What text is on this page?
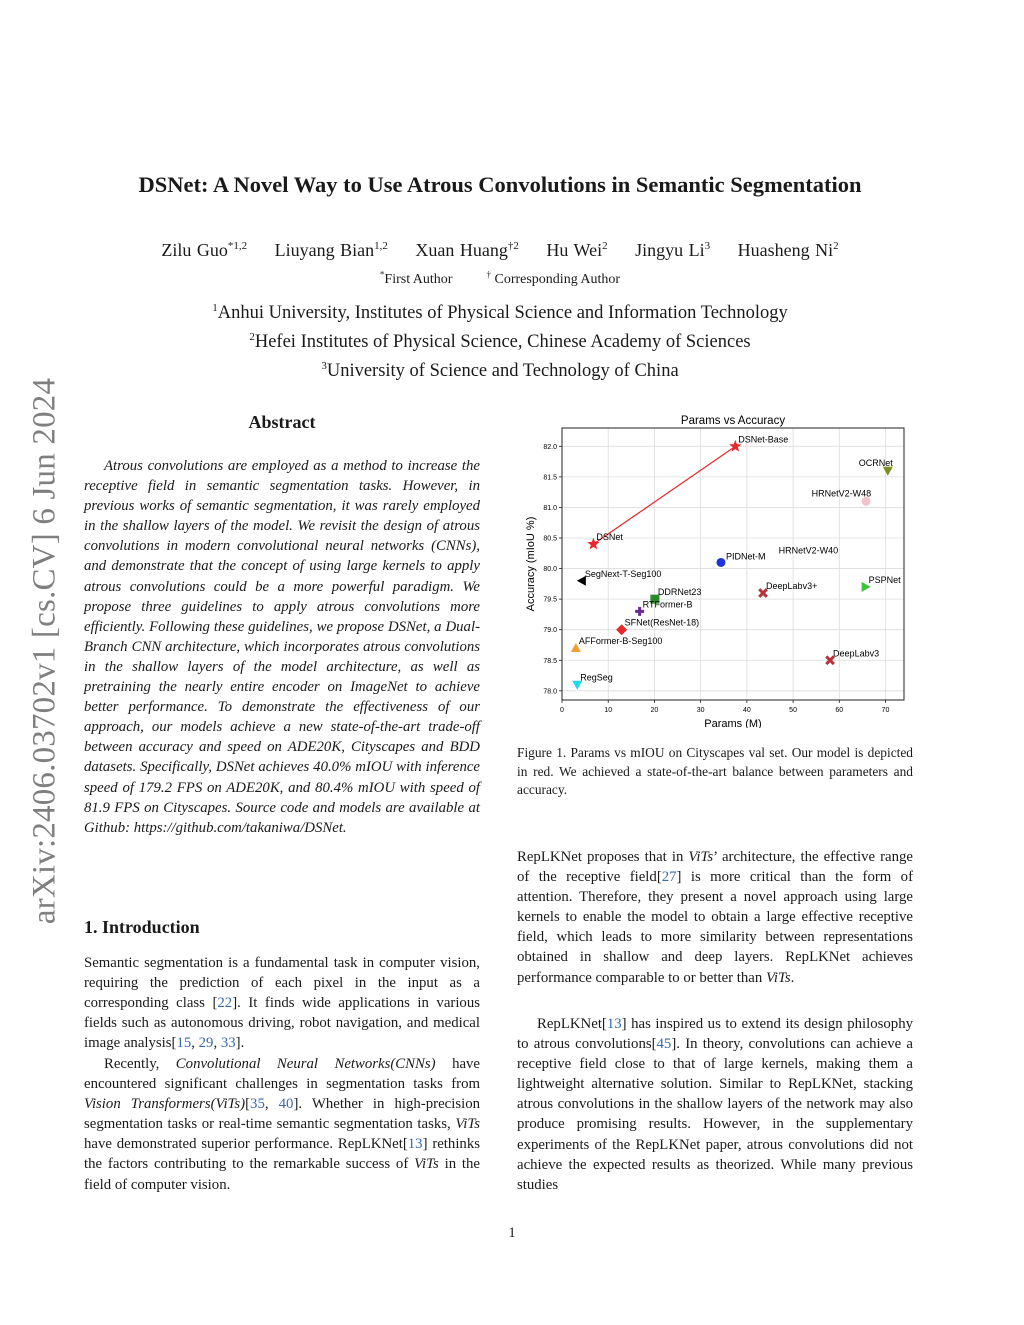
arXiv:2406.03702v1 [cs.CV] 6 Jun 2024
DSNet: A Novel Way to Use Atrous Convolutions in Semantic Segmentation
Zilu Guo$^{*1,2}$ Liuyang Bian$^{1,2}$ Xuan Huang$^{\dagger 2}$ Hu Wei$^2$ Jingyu Li$^3$ Huasheng Ni$^2$
*First Author	† Corresponding Author
$^1$Anhui University, Institutes of Physical Science and Information Technology
$^2$Hefei Institutes of Physical Science, Chinese Academy of Sciences
$^3$University of Science and Technology of China
Abstract
Atrous convolutions are employed as a method to increase the receptive field in semantic segmentation tasks. However, in previous works of semantic segmentation, it was rarely employed in the shallow layers of the model. We revisit the design of atrous convolutions in modern convolutional neural networks (CNNs), and demonstrate that the concept of using large kernels to apply atrous convolutions could be a more powerful paradigm. We propose three guidelines to apply atrous convolutions more efficiently. Following these guidelines, we propose DSNet, a Dual-Branch CNN architecture, which incorporates atrous convolutions in the shallow layers of the model architecture, as well as pretraining the nearly entire encoder on ImageNet to achieve better performance. To demonstrate the effectiveness of our approach, our models achieve a new state-of-the-art trade-off between accuracy and speed on ADE20K, Cityscapes and BDD datasets. Specifically, DSNet achieves 40.0% mIOU with inference speed of 179.2 FPS on ADE20K, and 80.4% mIOU with speed of 81.9 FPS on Cityscapes. Source code and models are available at Github: https://github.com/takaniwa/DSNet.
1. Introduction
Semantic segmentation is a fundamental task in computer vision, requiring the prediction of each pixel in the input as a corresponding class [22]. It finds wide applications in various fields such as autonomous driving, robot navigation, and medical image analysis[15, 29, 33].
Recently, Convolutional Neural Networks(CNNs) have encountered significant challenges in segmentation tasks from Vision Transformers(ViTs)[35, 40]. Whether in high-precision segmentation tasks or real-time semantic segmentation tasks, ViTs have demonstrated superior performance. RepLKNet[13] rethinks the factors contributing to the remarkable success of ViTs in the field of computer vision.
0	10	20	30	40	50	60	70
78.0
78.5
79.0
79.5
80.0
80.5
81.0
81.5
82.0
Params vs Accuracy
Params (M)
Accuracy (mIoU %)
DSNet-Base
DSNet
OCRNet
HRNetV2-W48
PIDNet-M
HRNetV2-W40
SegNext-T-Seg100
DeepLabv3+
PSPNet
DDRNet23
RTFormer-B
SFNet(ResNet-18)
AFFormer-B-Seg100
DeepLabv3
RegSeg
Figure 1. Params vs mIOU on Cityscapes val set. Our model is depicted in red. We achieved a state-of-the-art balance between parameters and accuracy.
RepLKNet proposes that in ViTs’ architecture, the effective range of the receptive field[27] is more critical than the form of attention. Therefore, they present a novel approach using large kernels to enable the model to obtain a large effective receptive field, which leads to more similarity between representations obtained in shallow and deep layers. RepLKNet achieves performance comparable to or better than ViTs.
RepLKNet[13] has inspired us to extend its design philosophy to atrous convolutions[45]. In theory, convolutions can achieve a receptive field close to that of large kernels, making them a lightweight alternative solution. Similar to RepLKNet, stacking atrous convolutions in the shallow layers of the network may also produce promising results. However, in the supplementary experiments of the RepLKNet paper, atrous convolutions did not achieve the expected results as theorized. While many previous studies
1
